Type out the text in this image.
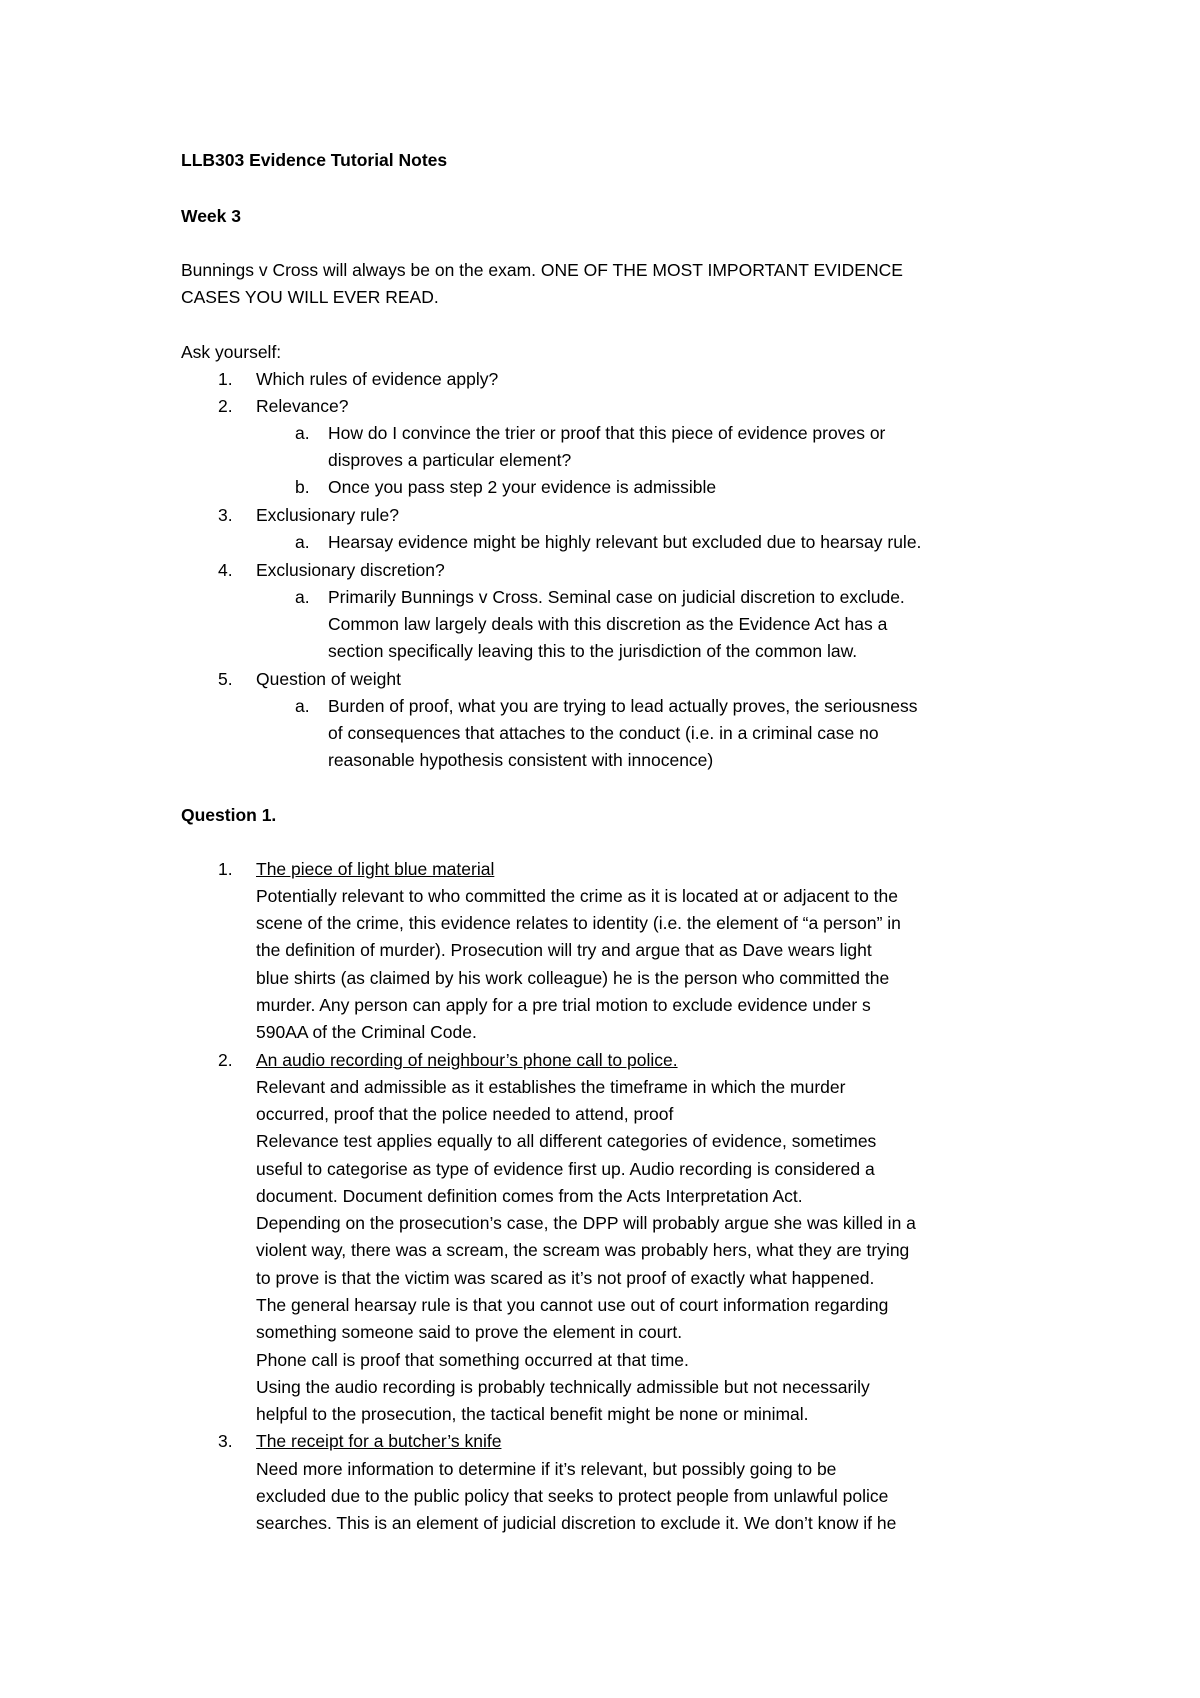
LLB303 Evidence Tutorial Notes
Week 3
Bunnings v Cross will always be on the exam. ONE OF THE MOST IMPORTANT EVIDENCE
CASES YOU WILL EVER READ.
Ask yourself:
1. Which rules of evidence apply?
2. Relevance?
a. How do I convince the trier or proof that this piece of evidence proves or
disproves a particular element?
b. Once you pass step 2 your evidence is admissible
3. Exclusionary rule?
a. Hearsay evidence might be highly relevant but excluded due to hearsay rule.
4. Exclusionary discretion?
a. Primarily Bunnings v Cross. Seminal case on judicial discretion to exclude.
Common law largely deals with this discretion as the Evidence Act has a
section specifically leaving this to the jurisdiction of the common law.
5. Question of weight
a. Burden of proof, what you are trying to lead actually proves, the seriousness
of consequences that attaches to the conduct (i.e. in a criminal case no
reasonable hypothesis consistent with innocence)
Question 1.
1. The piece of light blue material
Potentially relevant to who committed the crime as it is located at or adjacent to the
scene of the crime, this evidence relates to identity (i.e. the element of “a person” in
the definition of murder). Prosecution will try and argue that as Dave wears light
blue shirts (as claimed by his work colleague) he is the person who committed the
murder. Any person can apply for a pre trial motion to exclude evidence under s
590AA of the Criminal Code.
2. An audio recording of neighbour’s phone call to police.
Relevant and admissible as it establishes the timeframe in which the murder
occurred, proof that the police needed to attend, proof
Relevance test applies equally to all different categories of evidence, sometimes
useful to categorise as type of evidence first up. Audio recording is considered a
document. Document definition comes from the Acts Interpretation Act.
Depending on the prosecution’s case, the DPP will probably argue she was killed in a
violent way, there was a scream, the scream was probably hers, what they are trying
to prove is that the victim was scared as it’s not proof of exactly what happened.
The general hearsay rule is that you cannot use out of court information regarding
something someone said to prove the element in court.
Phone call is proof that something occurred at that time.
Using the audio recording is probably technically admissible but not necessarily
helpful to the prosecution, the tactical benefit might be none or minimal.
3. The receipt for a butcher’s knife
Need more information to determine if it’s relevant, but possibly going to be
excluded due to the public policy that seeks to protect people from unlawful police
searches. This is an element of judicial discretion to exclude it. We don’t know if he
